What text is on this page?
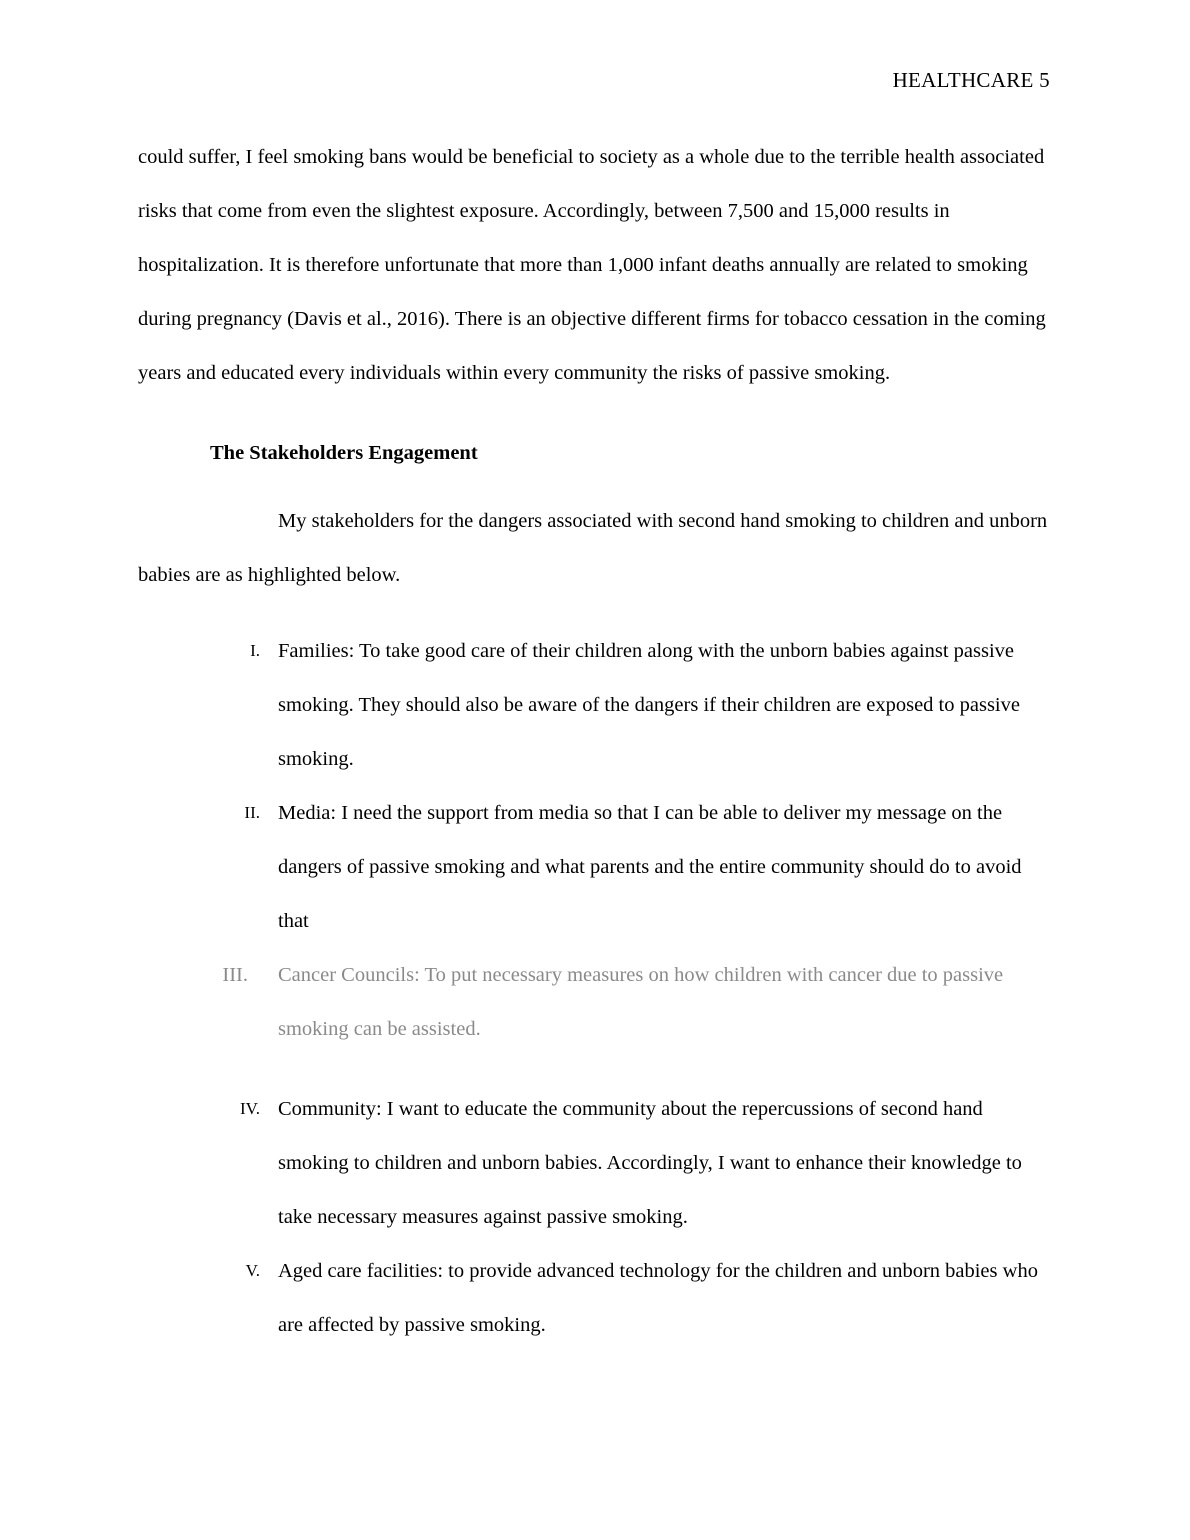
HEALTHCARE 5

could suffer, I feel smoking bans would be beneficial to society as a whole due to the terrible health associated risks that come from even the slightest exposure. Accordingly, between 7,500 and 15,000 results in hospitalization. It is therefore unfortunate that more than 1,000 infant deaths annually are related to smoking during pregnancy (Davis et al., 2016). There is an objective different firms for tobacco cessation in the coming years and educated every individuals within every community the risks of passive smoking.

The Stakeholders Engagement

My stakeholders for the dangers associated with second hand smoking to children and unborn babies are as highlighted below.

I. Families: To take good care of their children along with the unborn babies against passive smoking. They should also be aware of the dangers if their children are exposed to passive smoking.
II. Media: I need the support from media so that I can be able to deliver my message on the dangers of passive smoking and what parents and the entire community should do to avoid that
III. Cancer Councils: To put necessary measures on how children with cancer due to passive smoking can be assisted.
IV. Community: I want to educate the community about the repercussions of second hand smoking to children and unborn babies. Accordingly, I want to enhance their knowledge to take necessary measures against passive smoking.
V. Aged care facilities: to provide advanced technology for the children and unborn babies who are affected by passive smoking.
